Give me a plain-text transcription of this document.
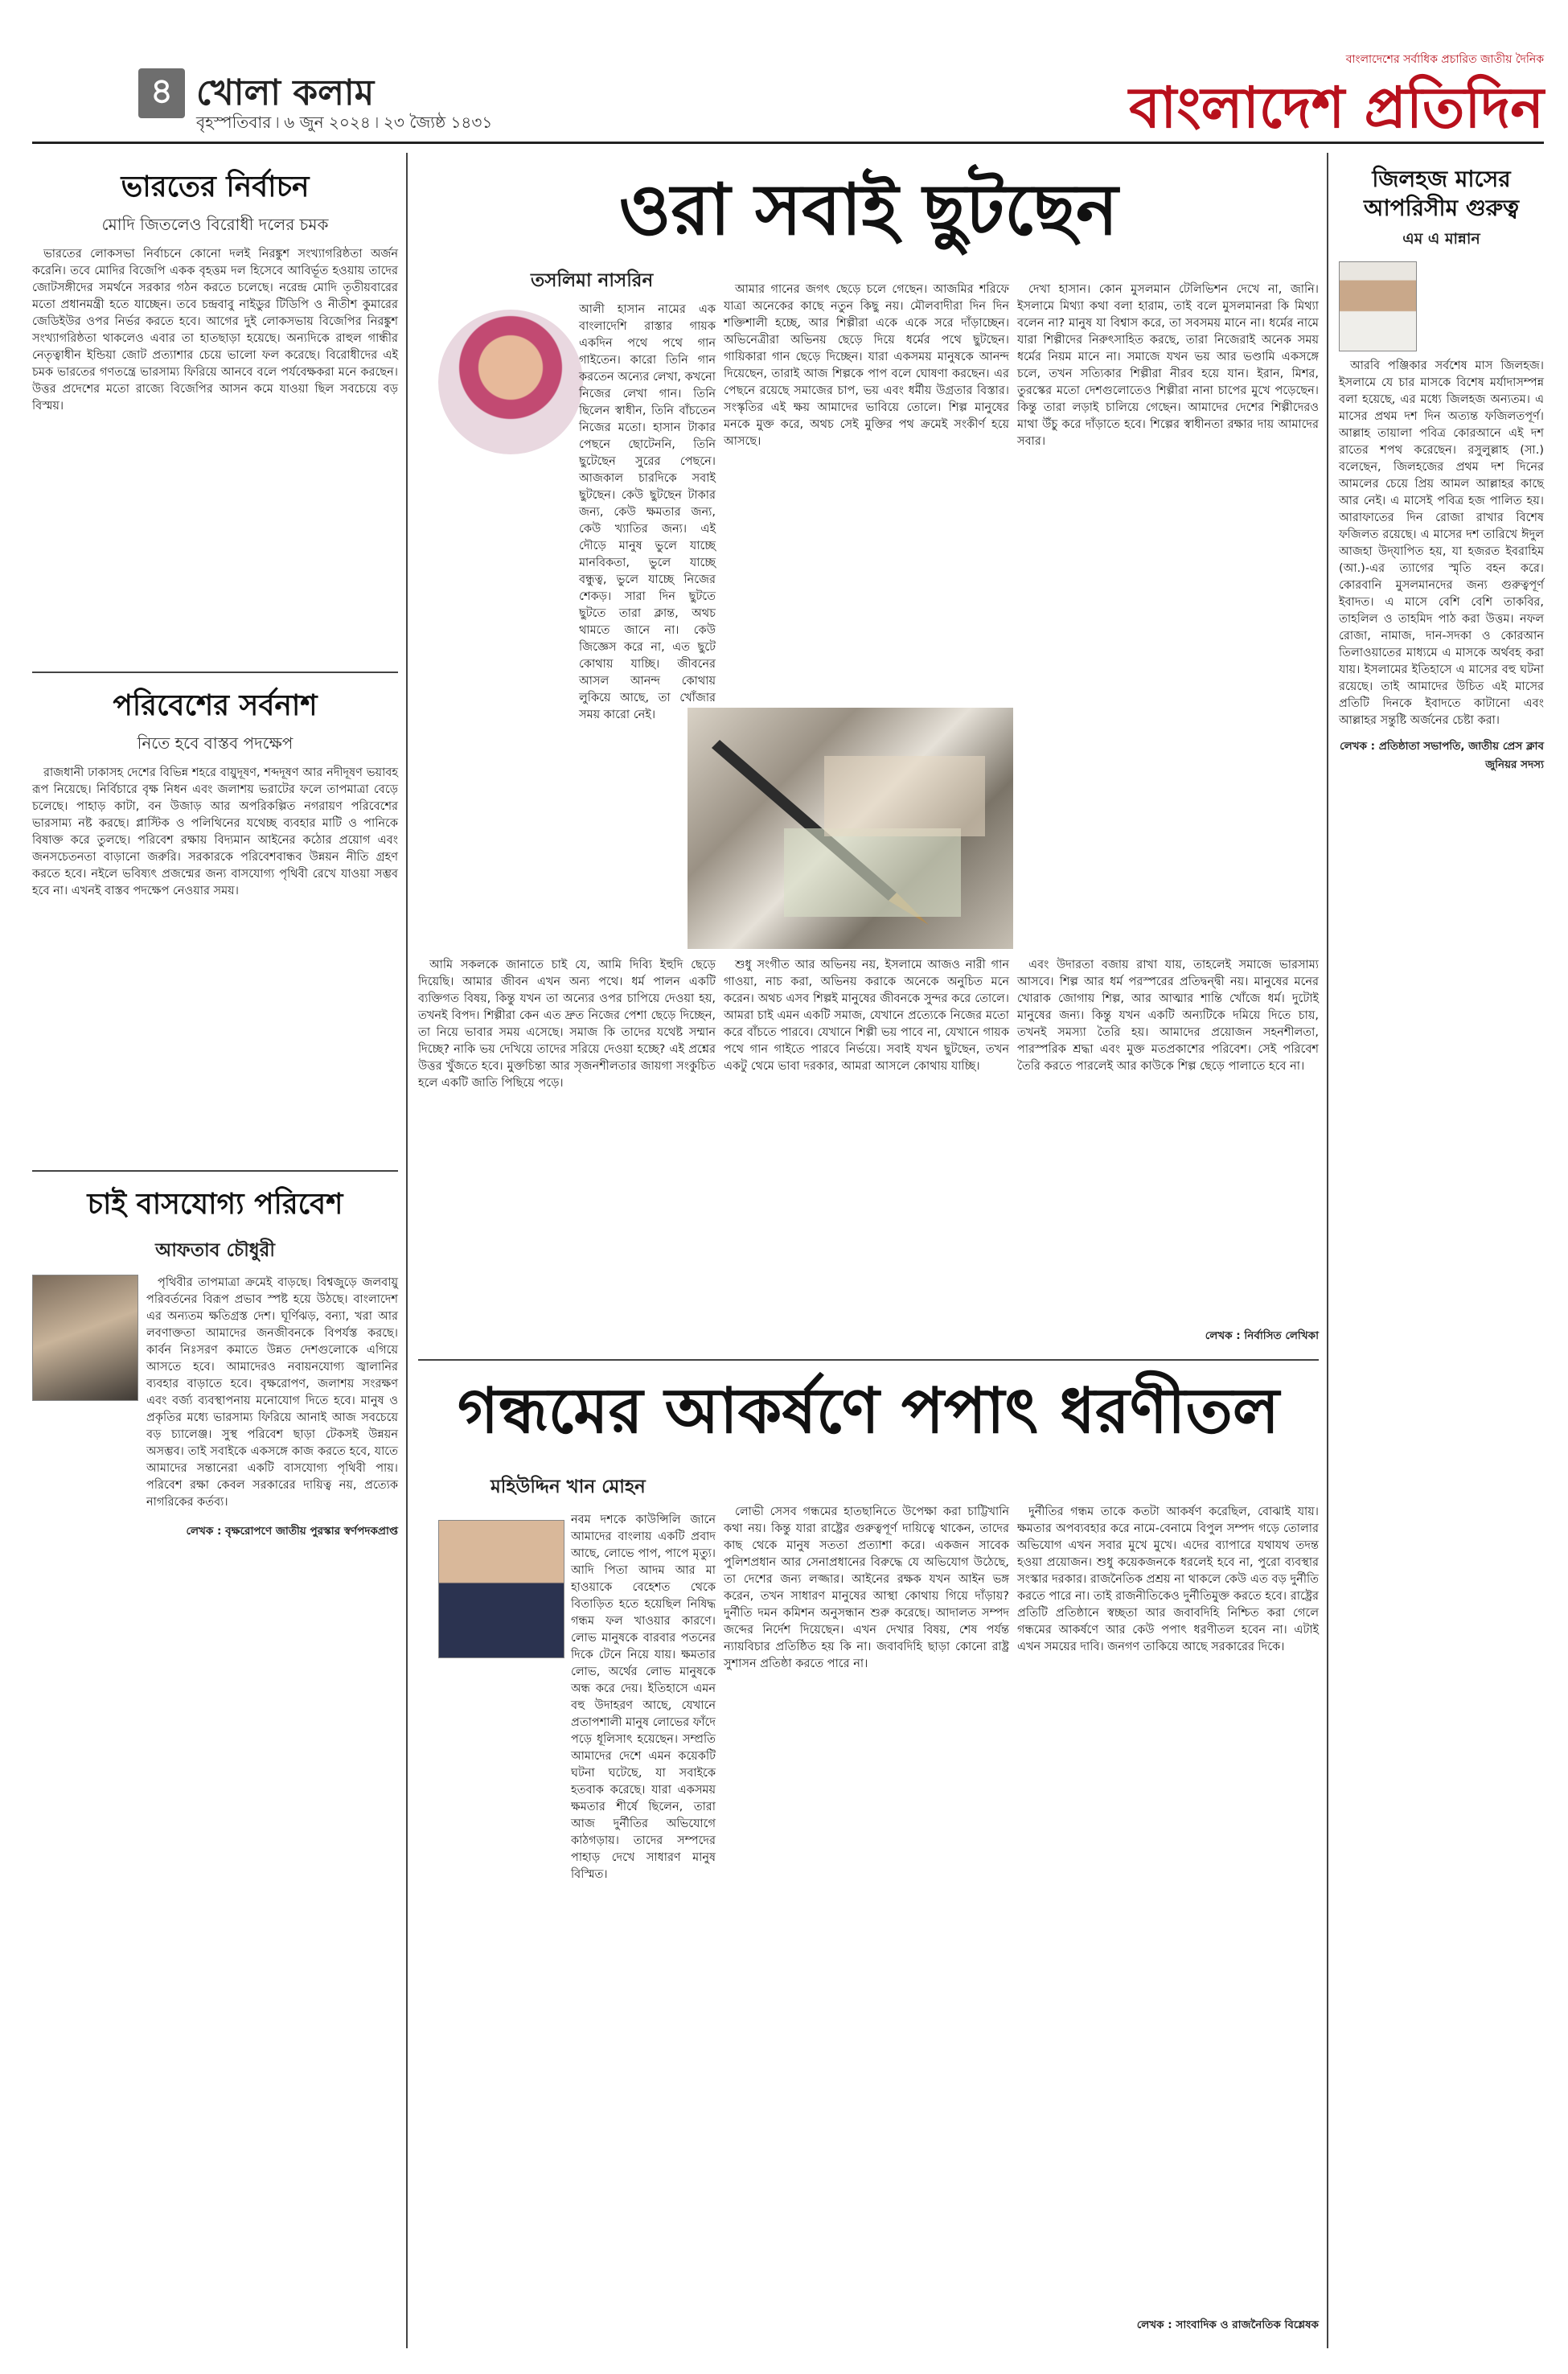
৪ খোলা কলাম
বৃহস্পতিবার ৷ ৬ জুন ২০২৪ ৷ ২৩ জ্যৈষ্ঠ ১৪৩১
বাংলাদেশের সর্বাধিক প্রচারিত জাতীয় দৈনিক
বাংলাদেশ প্রতিদিন
ভারতের নির্বাচন
মোদি জিতলেও বিরোধী দলের চমক

ভারতের লোকসভা নির্বাচনে কোনো দলই নিরঙ্কুশ সংখ্যাগরিষ্ঠতা অর্জন করেনি। তবে মোদির বিজেপি একক বৃহত্তম দল হিসেবে আবির্ভূত হওয়ায় তাদের জোটসঙ্গীদের সমর্থনে সরকার গঠন করতে চলেছে। নরেন্দ্র মোদি তৃতীয়বারের মতো প্রধানমন্ত্রী হতে যাচ্ছেন। তবে চন্দ্রবাবু নাইডুর টিডিপি ও নীতীশ কুমারের জেডিইউর ওপর নির্ভর করতে হবে। আগের দুই লোকসভায় বিজেপির নিরঙ্কুশ সংখ্যাগরিষ্ঠতা থাকলেও এবার তা হাতছাড়া হয়েছে। অন্যদিকে রাহুল গান্ধীর নেতৃত্বাধীন ইন্ডিয়া জোট প্রত্যাশার চেয়ে ভালো ফল করেছে। বিরোধীদের এই চমক ভারতের গণতন্ত্রে ভারসাম্য ফিরিয়ে আনবে বলে পর্যবেক্ষকরা মনে করছেন। উত্তর প্রদেশের মতো রাজ্যে বিজেপির আসন কমে যাওয়া ছিল সবচেয়ে বড় বিস্ময়।

পরিবেশের সর্বনাশ
নিতে হবে বাস্তব পদক্ষেপ

রাজধানী ঢাকাসহ দেশের বিভিন্ন শহরে বায়ুদূষণ, শব্দদূষণ আর নদীদূষণ ভয়াবহ রূপ নিয়েছে। নির্বিচারে বৃক্ষ নিধন এবং জলাশয় ভরাটের ফলে তাপমাত্রা বেড়ে চলেছে। পাহাড় কাটা, বন উজাড় আর অপরিকল্পিত নগরায়ণ পরিবেশের ভারসাম্য নষ্ট করছে। প্লাস্টিক ও পলিথিনের যথেচ্ছ ব্যবহার মাটি ও পানিকে বিষাক্ত করে তুলছে। পরিবেশ রক্ষায় বিদ্যমান আইনের কঠোর প্রয়োগ এবং জনসচেতনতা বাড়ানো জরুরি। সরকারকে পরিবেশবান্ধব উন্নয়ন নীতি গ্রহণ করতে হবে। নইলে ভবিষ্যৎ প্রজন্মের জন্য বাসযোগ্য পৃথিবী রেখে যাওয়া সম্ভব হবে না। এখনই বাস্তব পদক্ষেপ নেওয়ার সময়।

চাই বাসযোগ্য পরিবেশ
আফতাব চৌধুরী

পৃথিবীর তাপমাত্রা ক্রমেই বাড়ছে। বিশ্বজুড়ে জলবায়ু পরিবর্তনের বিরূপ প্রভাব স্পষ্ট হয়ে উঠছে। বাংলাদেশ এর অন্যতম ক্ষতিগ্রস্ত দেশ। ঘূর্ণিঝড়, বন্যা, খরা আর লবণাক্ততা আমাদের জনজীবনকে বিপর্যস্ত করছে। কার্বন নিঃসরণ কমাতে উন্নত দেশগুলোকে এগিয়ে আসতে হবে। আমাদেরও নবায়নযোগ্য জ্বালানির ব্যবহার বাড়াতে হবে। বৃক্ষরোপণ, জলাশয় সংরক্ষণ এবং বর্জ্য ব্যবস্থাপনায় মনোযোগ দিতে হবে। মানুষ ও প্রকৃতির মধ্যে ভারসাম্য ফিরিয়ে আনাই আজ সবচেয়ে বড় চ্যালেঞ্জ। সুস্থ পরিবেশ ছাড়া টেকসই উন্নয়ন অসম্ভব। তাই সবাইকে একসঙ্গে কাজ করতে হবে, যাতে আমাদের সন্তানেরা একটি বাসযোগ্য পৃথিবী পায়। পরিবেশ রক্ষা কেবল সরকারের দায়িত্ব নয়, প্রত্যেক নাগরিকের কর্তব্য।

লেখক : বৃক্ষরোপণে জাতীয় পুরস্কার স্বর্ণপদকপ্রাপ্ত
ওরা সবাই ছুটছেন
তসলিমা নাসরিন

আলী হাসান নামের এক বাংলাদেশি রাস্তার গায়ক একদিন পথে পথে গান গাইতেন। কারো তিনি গান করতেন অন্যের লেখা, কখনো নিজের লেখা গান। তিনি ছিলেন স্বাধীন, তিনি বাঁচতেন নিজের মতো। হাসান টাকার পেছনে ছোটেননি, তিনি ছুটেছেন সুরের পেছনে। আজকাল চারদিকে সবাই ছুটছেন। কেউ ছুটছেন টাকার জন্য, কেউ ক্ষমতার জন্য, কেউ খ্যাতির জন্য। এই দৌড়ে মানুষ ভুলে যাচ্ছে মানবিকতা, ভুলে যাচ্ছে বন্ধুত্ব, ভুলে যাচ্ছে নিজের শেকড়। সারা দিন ছুটতে ছুটতে তারা ক্লান্ত, অথচ থামতে জানে না। কেউ জিজ্ঞেস করে না, এত ছুটে কোথায় যাচ্ছি। জীবনের আসল আনন্দ কোথায় লুকিয়ে আছে, তা খোঁজার সময় কারো নেই।

আমার গানের জগৎ ছেড়ে চলে গেছেন। আজমির শরিফে যাত্রা অনেকের কাছে নতুন কিছু নয়। মৌলবাদীরা দিন দিন শক্তিশালী হচ্ছে, আর শিল্পীরা একে একে সরে দাঁড়াচ্ছেন। অভিনেত্রীরা অভিনয় ছেড়ে দিয়ে ধর্মের পথে ছুটছেন। গায়িকারা গান ছেড়ে দিচ্ছেন। যারা একসময় মানুষকে আনন্দ দিয়েছেন, তারাই আজ শিল্পকে পাপ বলে ঘোষণা করছেন। এর পেছনে রয়েছে সমাজের চাপ, ভয় এবং ধর্মীয় উগ্রতার বিস্তার। সংস্কৃতির এই ক্ষয় আমাদের ভাবিয়ে তোলে। শিল্প মানুষের মনকে মুক্ত করে, অথচ সেই মুক্তির পথ ক্রমেই সংকীর্ণ হয়ে আসছে।

দেখা হাসান। কোন মুসলমান টেলিভিশন দেখে না, জানি। ইসলামে মিথ্যা কথা বলা হারাম, তাই বলে মুসলমানরা কি মিথ্যা বলেন না? মানুষ যা বিশ্বাস করে, তা সবসময় মানে না। ধর্মের নামে যারা শিল্পীদের নিরুৎসাহিত করছে, তারা নিজেরাই অনেক সময় ধর্মের নিয়ম মানে না। সমাজে যখন ভয় আর ভণ্ডামি একসঙ্গে চলে, তখন সত্যিকার শিল্পীরা নীরব হয়ে যান। ইরান, মিশর, তুরস্কের মতো দেশগুলোতেও শিল্পীরা নানা চাপের মুখে পড়েছেন। কিন্তু তারা লড়াই চালিয়ে গেছেন। আমাদের দেশের শিল্পীদেরও মাথা উঁচু করে দাঁড়াতে হবে। শিল্পের স্বাধীনতা রক্ষার দায় আমাদের সবার।

আমি সকলকে জানাতে চাই যে, আমি দিব্যি ইহুদি ছেড়ে দিয়েছি। আমার জীবন এখন অন্য পথে। ধর্ম পালন একটি ব্যক্তিগত বিষয়, কিন্তু যখন তা অন্যের ওপর চাপিয়ে দেওয়া হয়, তখনই বিপদ। শিল্পীরা কেন এত দ্রুত নিজের পেশা ছেড়ে দিচ্ছেন, তা নিয়ে ভাবার সময় এসেছে। সমাজ কি তাদের যথেষ্ট সম্মান দিচ্ছে? নাকি ভয় দেখিয়ে তাদের সরিয়ে দেওয়া হচ্ছে? এই প্রশ্নের উত্তর খুঁজতে হবে। মুক্তচিন্তা আর সৃজনশীলতার জায়গা সংকুচিত হলে একটি জাতি পিছিয়ে পড়ে।

শুধু সংগীত আর অভিনয় নয়, ইসলামে আজও নারী গান গাওয়া, নাচ করা, অভিনয় করাকে অনেকে অনুচিত মনে করেন। অথচ এসব শিল্পই মানুষের জীবনকে সুন্দর করে তোলে। আমরা চাই এমন একটি সমাজ, যেখানে প্রত্যেকে নিজের মতো করে বাঁচতে পারবে। যেখানে শিল্পী ভয় পাবে না, যেখানে গায়ক পথে গান গাইতে পারবে নির্ভয়ে। সবাই যখন ছুটছেন, তখন একটু থেমে ভাবা দরকার, আমরা আসলে কোথায় যাচ্ছি।

এবং উদারতা বজায় রাখা যায়, তাহলেই সমাজে ভারসাম্য আসবে। শিল্প আর ধর্ম পরস্পরের প্রতিদ্বন্দ্বী নয়। মানুষের মনের খোরাক জোগায় শিল্প, আর আত্মার শান্তি খোঁজে ধর্ম। দুটোই মানুষের জন্য। কিন্তু যখন একটি অন্যটিকে দমিয়ে দিতে চায়, তখনই সমস্যা তৈরি হয়। আমাদের প্রয়োজন সহনশীলতা, পারস্পরিক শ্রদ্ধা এবং মুক্ত মতপ্রকাশের পরিবেশ। সেই পরিবেশ তৈরি করতে পারলেই আর কাউকে শিল্প ছেড়ে পালাতে হবে না।

লেখক : নির্বাসিত লেখিকা
গন্ধমের আকর্ষণে পপাৎ ধরণীতল
মহিউদ্দিন খান মোহন

নবম দশকে কাউন্সিলি জানে আমাদের বাংলায় একটি প্রবাদ আছে, লোভে পাপ, পাপে মৃত্যু। আদি পিতা আদম আর মা হাওয়াকে বেহেশত থেকে বিতাড়িত হতে হয়েছিল নিষিদ্ধ গন্ধম ফল খাওয়ার কারণে। লোভ মানুষকে বারবার পতনের দিকে টেনে নিয়ে যায়। ক্ষমতার লোভ, অর্থের লোভ মানুষকে অন্ধ করে দেয়। ইতিহাসে এমন বহু উদাহরণ আছে, যেখানে প্রতাপশালী মানুষ লোভের ফাঁদে পড়ে ধূলিসাৎ হয়েছেন। সম্প্রতি আমাদের দেশে এমন কয়েকটি ঘটনা ঘটেছে, যা সবাইকে হতবাক করেছে। যারা একসময় ক্ষমতার শীর্ষে ছিলেন, তারা আজ দুর্নীতির অভিযোগে কাঠগড়ায়। তাদের সম্পদের পাহাড় দেখে সাধারণ মানুষ বিস্মিত।

লোভী সেসব গন্ধমের হাতছানিতে উপেক্ষা করা চাট্টিখানি কথা নয়। কিন্তু যারা রাষ্ট্রের গুরুত্বপূর্ণ দায়িত্বে থাকেন, তাদের কাছ থেকে মানুষ সততা প্রত্যাশা করে। একজন সাবেক পুলিশপ্রধান আর সেনাপ্রধানের বিরুদ্ধে যে অভিযোগ উঠেছে, তা দেশের জন্য লজ্জার। আইনের রক্ষক যখন আইন ভঙ্গ করেন, তখন সাধারণ মানুষের আস্থা কোথায় গিয়ে দাঁড়ায়? দুর্নীতি দমন কমিশন অনুসন্ধান শুরু করেছে। আদালত সম্পদ জব্দের নির্দেশ দিয়েছেন। এখন দেখার বিষয়, শেষ পর্যন্ত ন্যায়বিচার প্রতিষ্ঠিত হয় কি না। জবাবদিহি ছাড়া কোনো রাষ্ট্র সুশাসন প্রতিষ্ঠা করতে পারে না।

দুর্নীতির গন্ধম তাকে কতটা আকর্ষণ করেছিল, বোঝাই যায়। ক্ষমতার অপব্যবহার করে নামে-বেনামে বিপুল সম্পদ গড়ে তোলার অভিযোগ এখন সবার মুখে মুখে। এদের ব্যাপারে যথাযথ তদন্ত হওয়া প্রয়োজন। শুধু কয়েকজনকে ধরলেই হবে না, পুরো ব্যবস্থার সংস্কার দরকার। রাজনৈতিক প্রশ্রয় না থাকলে কেউ এত বড় দুর্নীতি করতে পারে না। তাই রাজনীতিকেও দুর্নীতিমুক্ত করতে হবে। রাষ্ট্রের প্রতিটি প্রতিষ্ঠানে স্বচ্ছতা আর জবাবদিহি নিশ্চিত করা গেলে গন্ধমের আকর্ষণে আর কেউ পপাৎ ধরণীতল হবেন না। এটাই এখন সময়ের দাবি। জনগণ তাকিয়ে আছে সরকারের দিকে।

লেখক : সাংবাদিক ও রাজনৈতিক বিশ্লেষক
জিলহজ মাসের আপরিসীম গুরুত্ব
এম এ মান্নান

আরবি পঞ্জিকার সর্বশেষ মাস জিলহজ। ইসলামে যে চার মাসকে বিশেষ মর্যাদাসম্পন্ন বলা হয়েছে, এর মধ্যে জিলহজ অন্যতম। এ মাসের প্রথম দশ দিন অত্যন্ত ফজিলতপূর্ণ। আল্লাহ তায়ালা পবিত্র কোরআনে এই দশ রাতের শপথ করেছেন। রসুলুল্লাহ (সা.) বলেছেন, জিলহজের প্রথম দশ দিনের আমলের চেয়ে প্রিয় আমল আল্লাহর কাছে আর নেই। এ মাসেই পবিত্র হজ পালিত হয়। আরাফাতের দিন রোজা রাখার বিশেষ ফজিলত রয়েছে। এ মাসের দশ তারিখে ঈদুল আজহা উদ্‌যাপিত হয়, যা হজরত ইবরাহিম (আ.)-এর ত্যাগের স্মৃতি বহন করে। কোরবানি মুসলমানদের জন্য গুরুত্বপূর্ণ ইবাদত। এ মাসে বেশি বেশি তাকবির, তাহলিল ও তাহমিদ পাঠ করা উত্তম। নফল রোজা, নামাজ, দান-সদকা ও কোরআন তিলাওয়াতের মাধ্যমে এ মাসকে অর্থবহ করা যায়। ইসলামের ইতিহাসে এ মাসের বহু ঘটনা রয়েছে। তাই আমাদের উচিত এই মাসের প্রতিটি দিনকে ইবাদতে কাটানো এবং আল্লাহর সন্তুষ্টি অর্জনের চেষ্টা করা।

লেখক : প্রতিষ্ঠাতা সভাপতি, জাতীয় প্রেস ক্লাব জুনিয়র সদস্য
